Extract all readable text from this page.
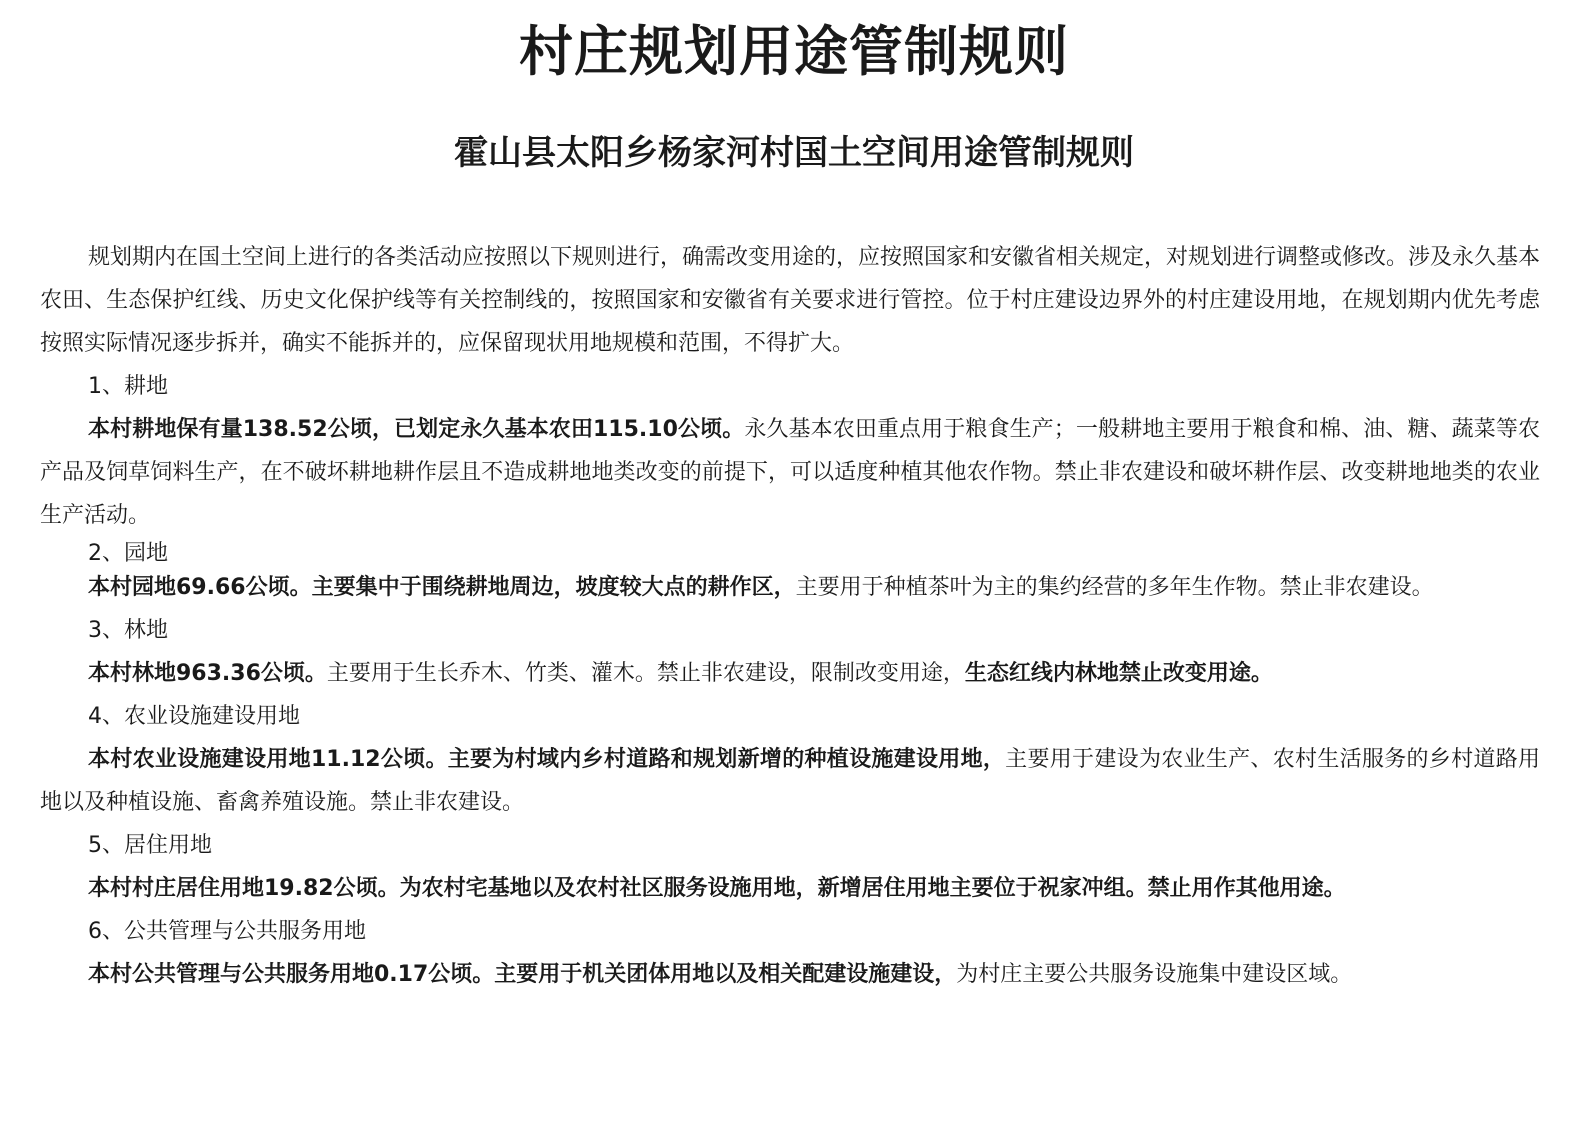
村庄规划用途管制规则
霍山县太阳乡杨家河村国土空间用途管制规则

规划期内在国土空间上进行的各类活动应按照以下规则进行，确需改变用途的，应按照国家和安徽省相关规定，对规划进行调整或修改。涉及永久基本农田、生态保护红线、历史文化保护线等有关控制线的，按照国家和安徽省有关要求进行管控。位于村庄建设边界外的村庄建设用地，在规划期内优先考虑按照实际情况逐步拆并，确实不能拆并的，应保留现状用地规模和范围，不得扩大。

1、耕地

本村耕地保有量138.52公顷，已划定永久基本农田115.10公顷。永久基本农田重点用于粮食生产；一般耕地主要用于粮食和棉、油、糖、蔬菜等农产品及饲草饲料生产，在不破坏耕地耕作层且不造成耕地地类改变的前提下，可以适度种植其他农作物。禁止非农建设和破坏耕作层、改变耕地地类的农业生产活动。

2、园地

本村园地69.66公顷。主要集中于围绕耕地周边，坡度较大点的耕作区，主要用于种植茶叶为主的集约经营的多年生作物。禁止非农建设。

3、林地

本村林地963.36公顷。主要用于生长乔木、竹类、灌木。禁止非农建设，限制改变用途，生态红线内林地禁止改变用途。

4、农业设施建设用地

本村农业设施建设用地11.12公顷。主要为村域内乡村道路和规划新增的种植设施建设用地，主要用于建设为农业生产、农村生活服务的乡村道路用地以及种植设施、畜禽养殖设施。禁止非农建设。

5、居住用地

本村村庄居住用地19.82公顷。为农村宅基地以及农村社区服务设施用地，新增居住用地主要位于祝家冲组。禁止用作其他用途。

6、公共管理与公共服务用地

本村公共管理与公共服务用地0.17公顷。主要用于机关团体用地以及相关配建设施建设，为村庄主要公共服务设施集中建设区域。
